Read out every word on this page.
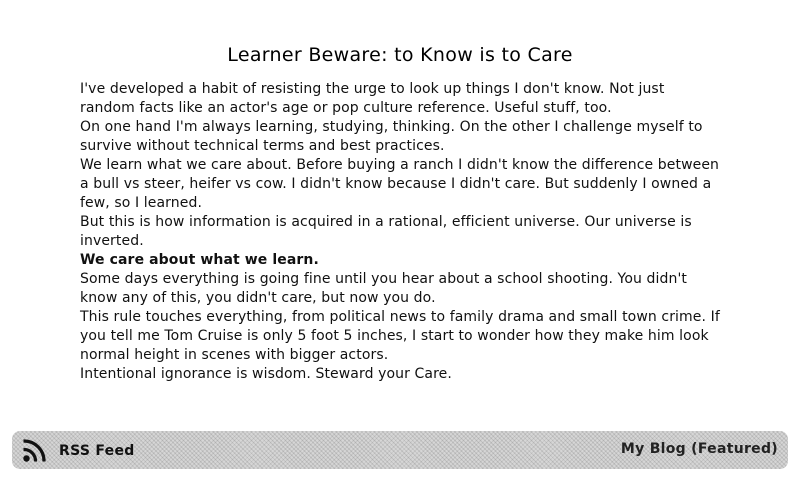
Learner Beware: to Know is to Care

I've developed a habit of resisting the urge to look up things I don't know. Not just random facts like an actor's age or pop culture reference. Useful stuff, too.

On one hand I'm always learning, studying, thinking. On the other I challenge myself to survive without technical terms and best practices.

We learn what we care about. Before buying a ranch I didn't know the difference between a bull vs steer, heifer vs cow. I didn't know because I didn't care. But suddenly I owned a few, so I learned.

But this is how information is acquired in a rational, efficient universe. Our universe is inverted.

We care about what we learn.

Some days everything is going fine until you hear about a school shooting. You didn't know any of this, you didn't care, but now you do.

This rule touches everything, from political news to family drama and small town crime. If you tell me Tom Cruise is only 5 foot 5 inches, I start to wonder how they make him look normal height in scenes with bigger actors.

Intentional ignorance is wisdom. Steward your Care.

RSS Feed	My Blog (Featured)
